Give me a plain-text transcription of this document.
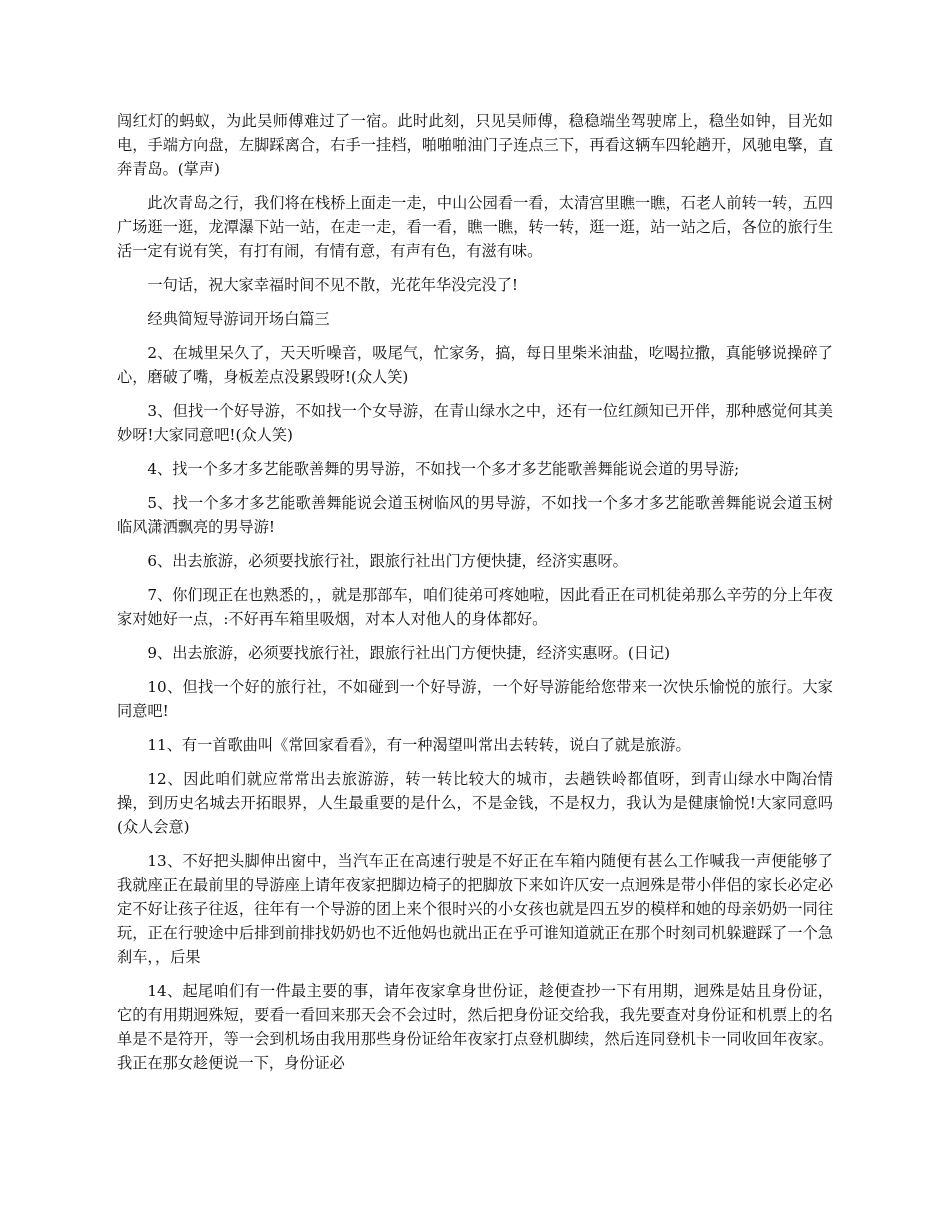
闯红灯的蚂蚁，为此吴师傅难过了一宿。此时此刻，只见吴师傅，稳稳端坐驾驶席上，稳坐如钟，目光如电，手端方向盘，左脚踩离合，右手一挂档，啪啪啪油门子连点三下，再看这辆车四轮趟开，风驰电擎，直奔青岛。(掌声)

此次青岛之行，我们将在栈桥上面走一走，中山公园看一看，太清宫里瞧一瞧，石老人前转一转，五四广场逛一逛，龙潭瀑下站一站，在走一走，看一看，瞧一瞧，转一转，逛一逛，站一站之后，各位的旅行生活一定有说有笑，有打有闹，有情有意，有声有色，有滋有味。

一句话，祝大家幸福时间不见不散，光花年华没完没了!

经典简短导游词开场白篇三

2、在城里呆久了，天天听噪音，吸尾气，忙家务，搞，每日里柴米油盐，吃喝拉撒，真能够说操碎了心，磨破了嘴，身板差点没累毁呀!(众人笑)

3、但找一个好导游，不如找一个女导游，在青山绿水之中，还有一位红颜知已开伴，那种感觉何其美妙呀!大家同意吧!(众人笑)

4、找一个多才多艺能歌善舞的男导游，不如找一个多才多艺能歌善舞能说会道的男导游;

5、找一个多才多艺能歌善舞能说会道玉树临风的男导游，不如找一个多才多艺能歌善舞能说会道玉树临风潇洒飘亮的男导游!

6、出去旅游，必须要找旅行社，跟旅行社出门方便快捷，经济实惠呀。

7、你们现正在也熟悉的，，就是那部车，咱们徒弟可疼她啦，因此看正在司机徒弟那么辛劳的分上年夜家对她好一点，:不好再车箱里吸烟，对本人对他人的身体都好。

9、出去旅游，必须要找旅行社，跟旅行社出门方便快捷，经济实惠呀。(日记)

10、但找一个好的旅行社，不如碰到一个好导游，一个好导游能给您带来一次快乐愉悦的旅行。大家同意吧!

11、有一首歌曲叫《常回家看看》，有一种渴望叫常出去转转，说白了就是旅游。

12、因此咱们就应常常出去旅游游，转一转比较大的城市，去趟铁岭都值呀，到青山绿水中陶冶情操，到历史名城去开拓眼界，人生最重要的是什么，不是金钱，不是权力，我认为是健康愉悦!大家同意吗(众人会意)

13、不好把头脚伸出窗中，当汽车正在高速行驶是不好正在车箱内随便有甚么工作喊我一声便能够了我就座正在最前里的导游座上请年夜家把脚边椅子的把脚放下来如许仄安一点迥殊是带小伴侣的家长必定必定不好让孩子往返，往年有一个导游的团上来个很时兴的小女孩也就是四五岁的模样和她的母亲奶奶一同往玩，正在行驶途中后排到前排找奶奶也不近他妈也就出正在乎可谁知道就正在那个时刻司机躲避踩了一个急刹车，，后果

14、起尾咱们有一件最主要的事，请年夜家拿身世份证，趁便查抄一下有用期，迥殊是姑且身份证，它的有用期迥殊短，要看一看回来那天会不会过时，然后把身份证交给我，我先要查对身份证和机票上的名单是不是符开，等一会到机场由我用那些身份证给年夜家打点登机脚续，然后连同登机卡一同收回年夜家。我正在那女趁便说一下，身份证必
